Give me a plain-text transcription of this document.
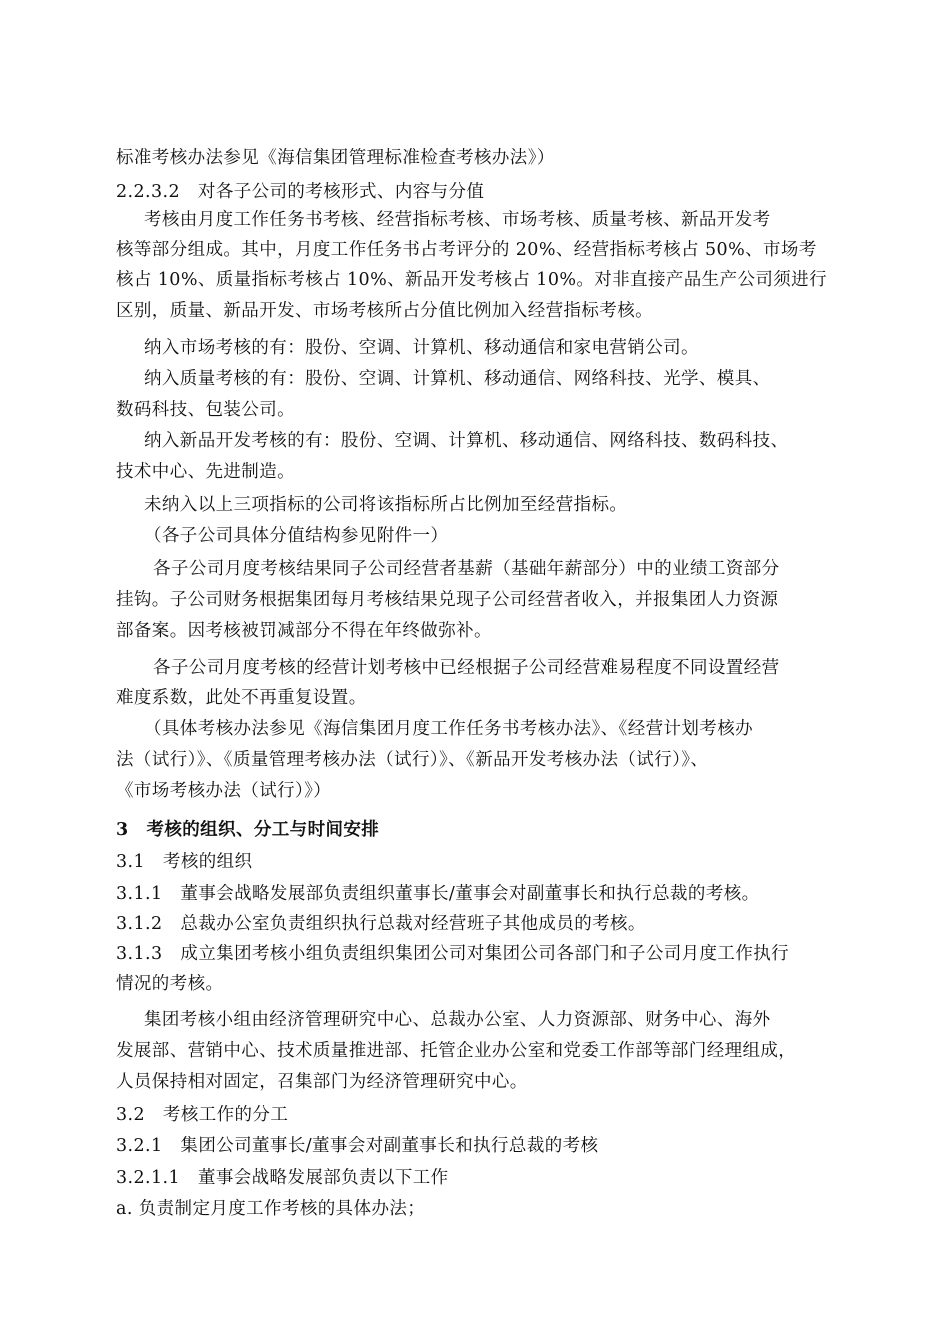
标准考核办法参见《海信集团管理标准检查考核办法》）
2.2.3.2　对各子公司的考核形式、内容与分值
考核由月度工作任务书考核、经营指标考核、市场考核、质量考核、新品开发考
核等部分组成。其中，月度工作任务书占考评分的 20%、经营指标考核占 50%、市场考
核占 10%、质量指标考核占 10%、新品开发考核占 10%。对非直接产品生产公司须进行
区别，质量、新品开发、市场考核所占分值比例加入经营指标考核。
纳入市场考核的有：股份、空调、计算机、移动通信和家电营销公司。
纳入质量考核的有：股份、空调、计算机、移动通信、网络科技、光学、模具、
数码科技、包装公司。
纳入新品开发考核的有：股份、空调、计算机、移动通信、网络科技、数码科技、
技术中心、先进制造。
未纳入以上三项指标的公司将该指标所占比例加至经营指标。
（各子公司具体分值结构参见附件一）
各子公司月度考核结果同子公司经营者基薪（基础年薪部分）中的业绩工资部分
挂钩。子公司财务根据集团每月考核结果兑现子公司经营者收入，并报集团人力资源
部备案。因考核被罚减部分不得在年终做弥补。
各子公司月度考核的经营计划考核中已经根据子公司经营难易程度不同设置经营
难度系数，此处不再重复设置。
（具体考核办法参见《海信集团月度工作任务书考核办法》、《经营计划考核办
法（试行）》、《质量管理考核办法（试行）》、《新品开发考核办法（试行）》、
《市场考核办法（试行）》）
3　考核的组织、分工与时间安排
3.1　考核的组织
3.1.1　董事会战略发展部负责组织董事长/董事会对副董事长和执行总裁的考核。
3.1.2　总裁办公室负责组织执行总裁对经营班子其他成员的考核。
3.1.3　成立集团考核小组负责组织集团公司对集团公司各部门和子公司月度工作执行
情况的考核。
集团考核小组由经济管理研究中心、总裁办公室、人力资源部、财务中心、海外
发展部、营销中心、技术质量推进部、托管企业办公室和党委工作部等部门经理组成，
人员保持相对固定，召集部门为经济管理研究中心。
3.2　考核工作的分工
3.2.1　集团公司董事长/董事会对副董事长和执行总裁的考核
3.2.1.1　董事会战略发展部负责以下工作
a. 负责制定月度工作考核的具体办法；
